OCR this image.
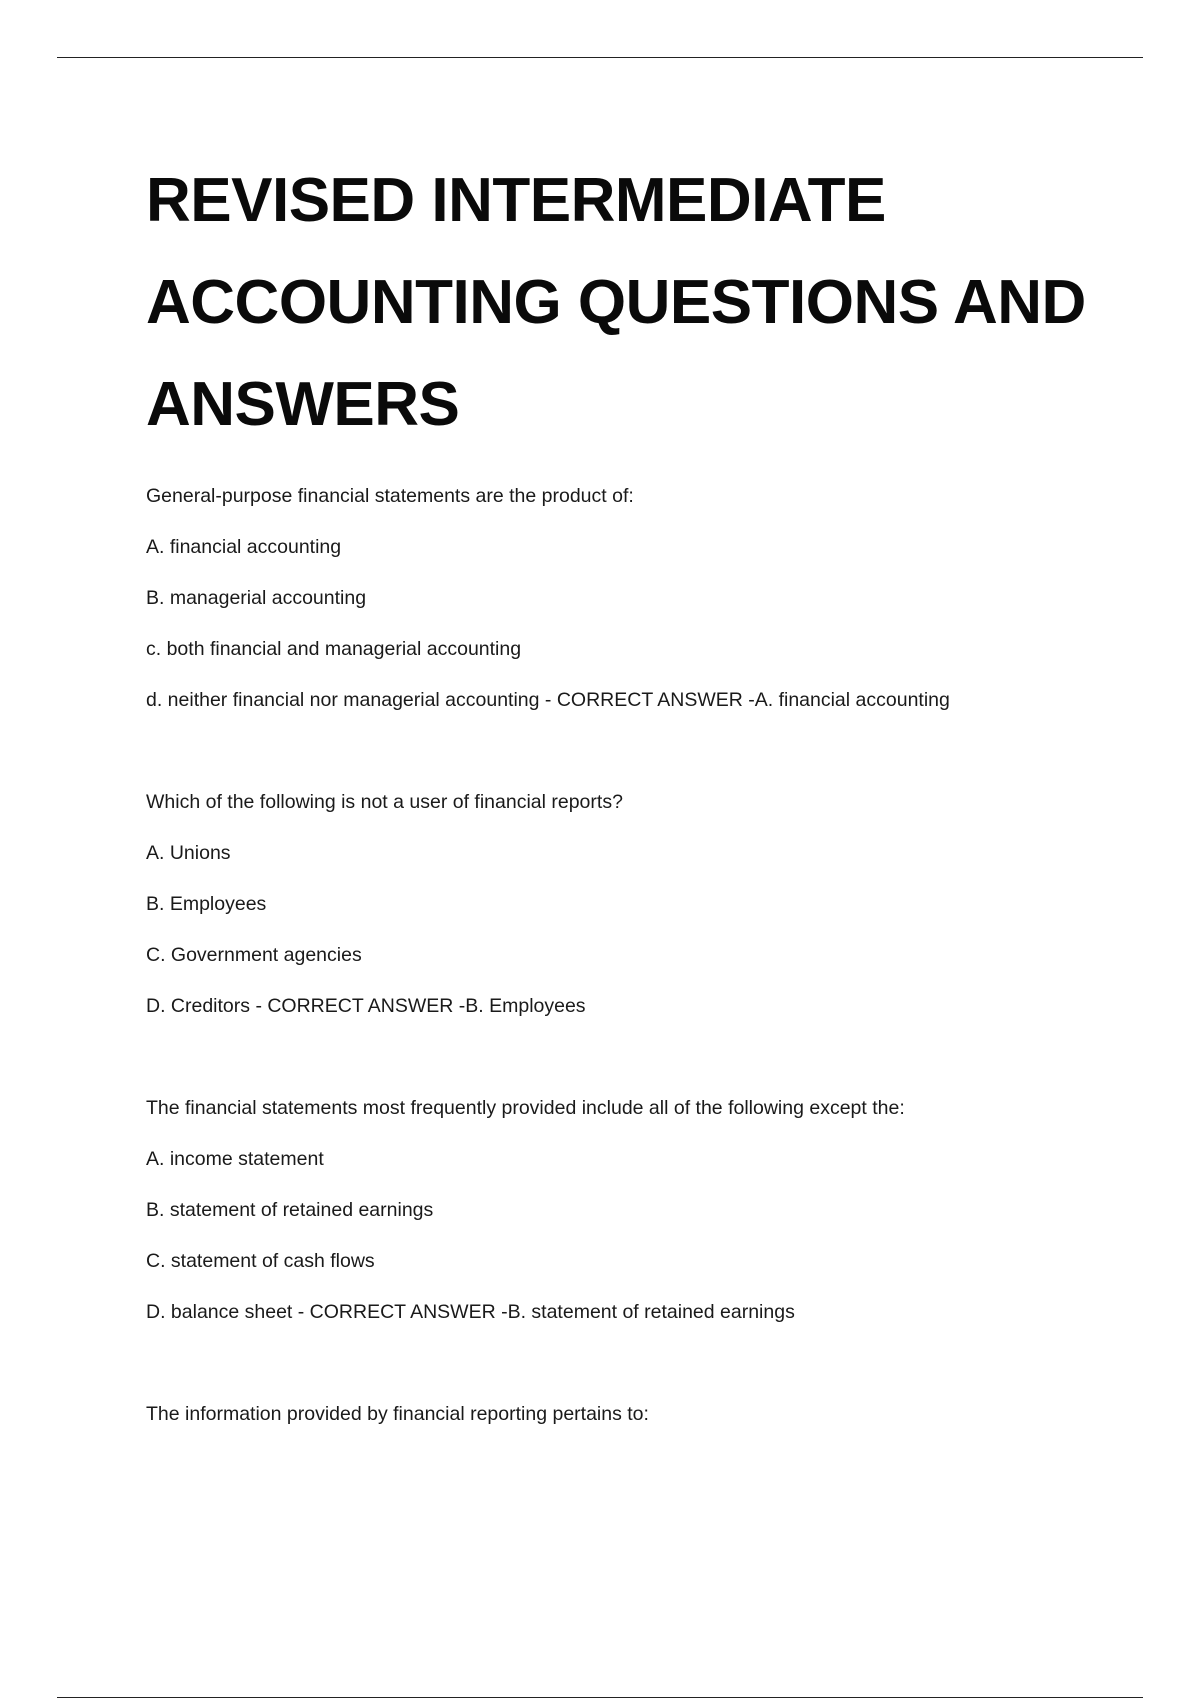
REVISED INTERMEDIATE
ACCOUNTING QUESTIONS AND
ANSWERS
General-purpose financial statements are the product of:
A. financial accounting
B. managerial accounting
c. both financial and managerial accounting
d. neither financial nor managerial accounting - CORRECT ANSWER -A. financial accounting
Which of the following is not a user of financial reports?
A. Unions
B. Employees
C. Government agencies
D. Creditors - CORRECT ANSWER -B. Employees
The financial statements most frequently provided include all of the following except the:
A. income statement
B. statement of retained earnings
C. statement of cash flows
D. balance sheet - CORRECT ANSWER -B. statement of retained earnings
The information provided by financial reporting pertains to:
